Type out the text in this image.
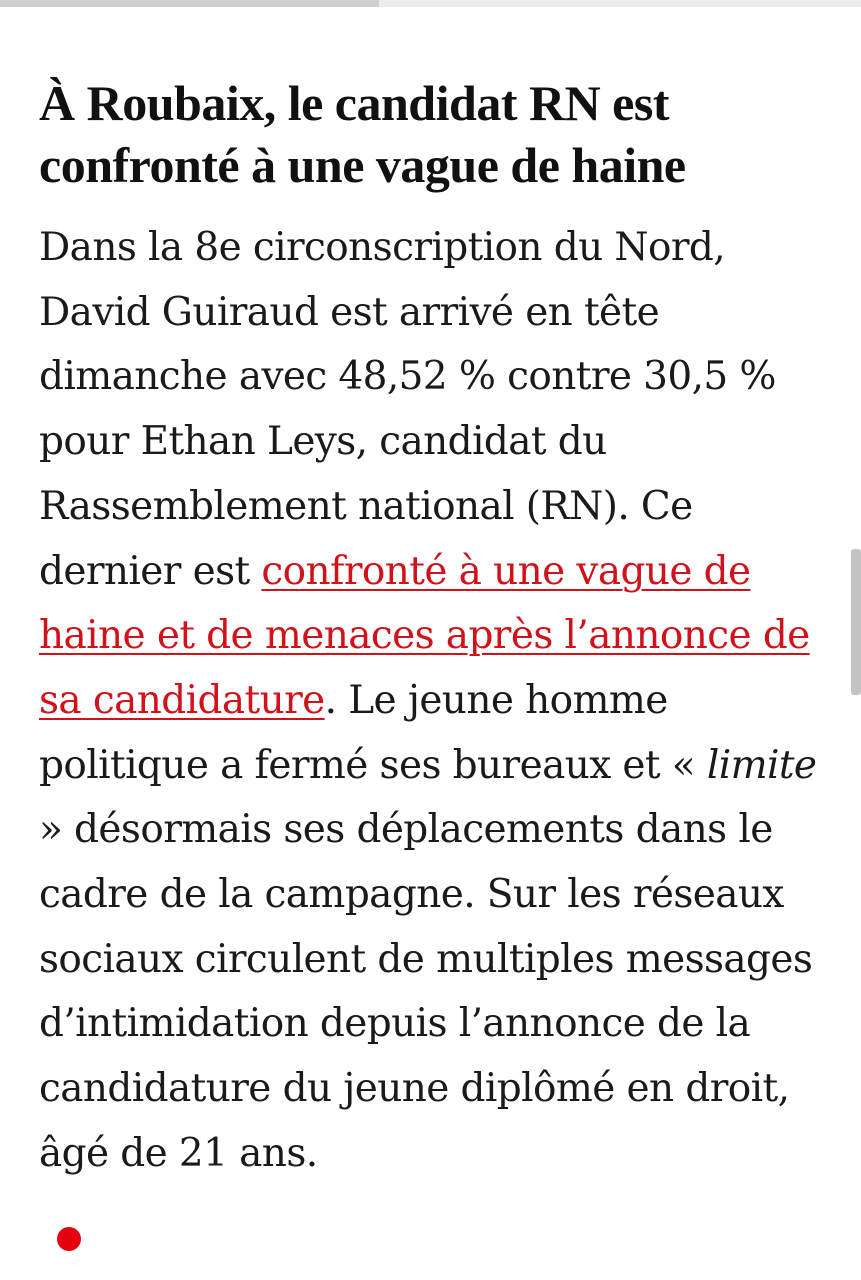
À Roubaix, le candidat RN est confronté à une vague de haine

Dans la 8e circonscription du Nord, David Guiraud est arrivé en tête dimanche avec 48,52 % contre 30,5 % pour Ethan Leys, candidat du Rassemblement national (RN). Ce dernier est confronté à une vague de haine et de menaces après l’annonce de sa candidature. Le jeune homme politique a fermé ses bureaux et « limite » désormais ses déplacements dans le cadre de la campagne. Sur les réseaux sociaux circulent de multiples messages d’intimidation depuis l’annonce de la candidature du jeune diplômé en droit, âgé de 21 ans.
